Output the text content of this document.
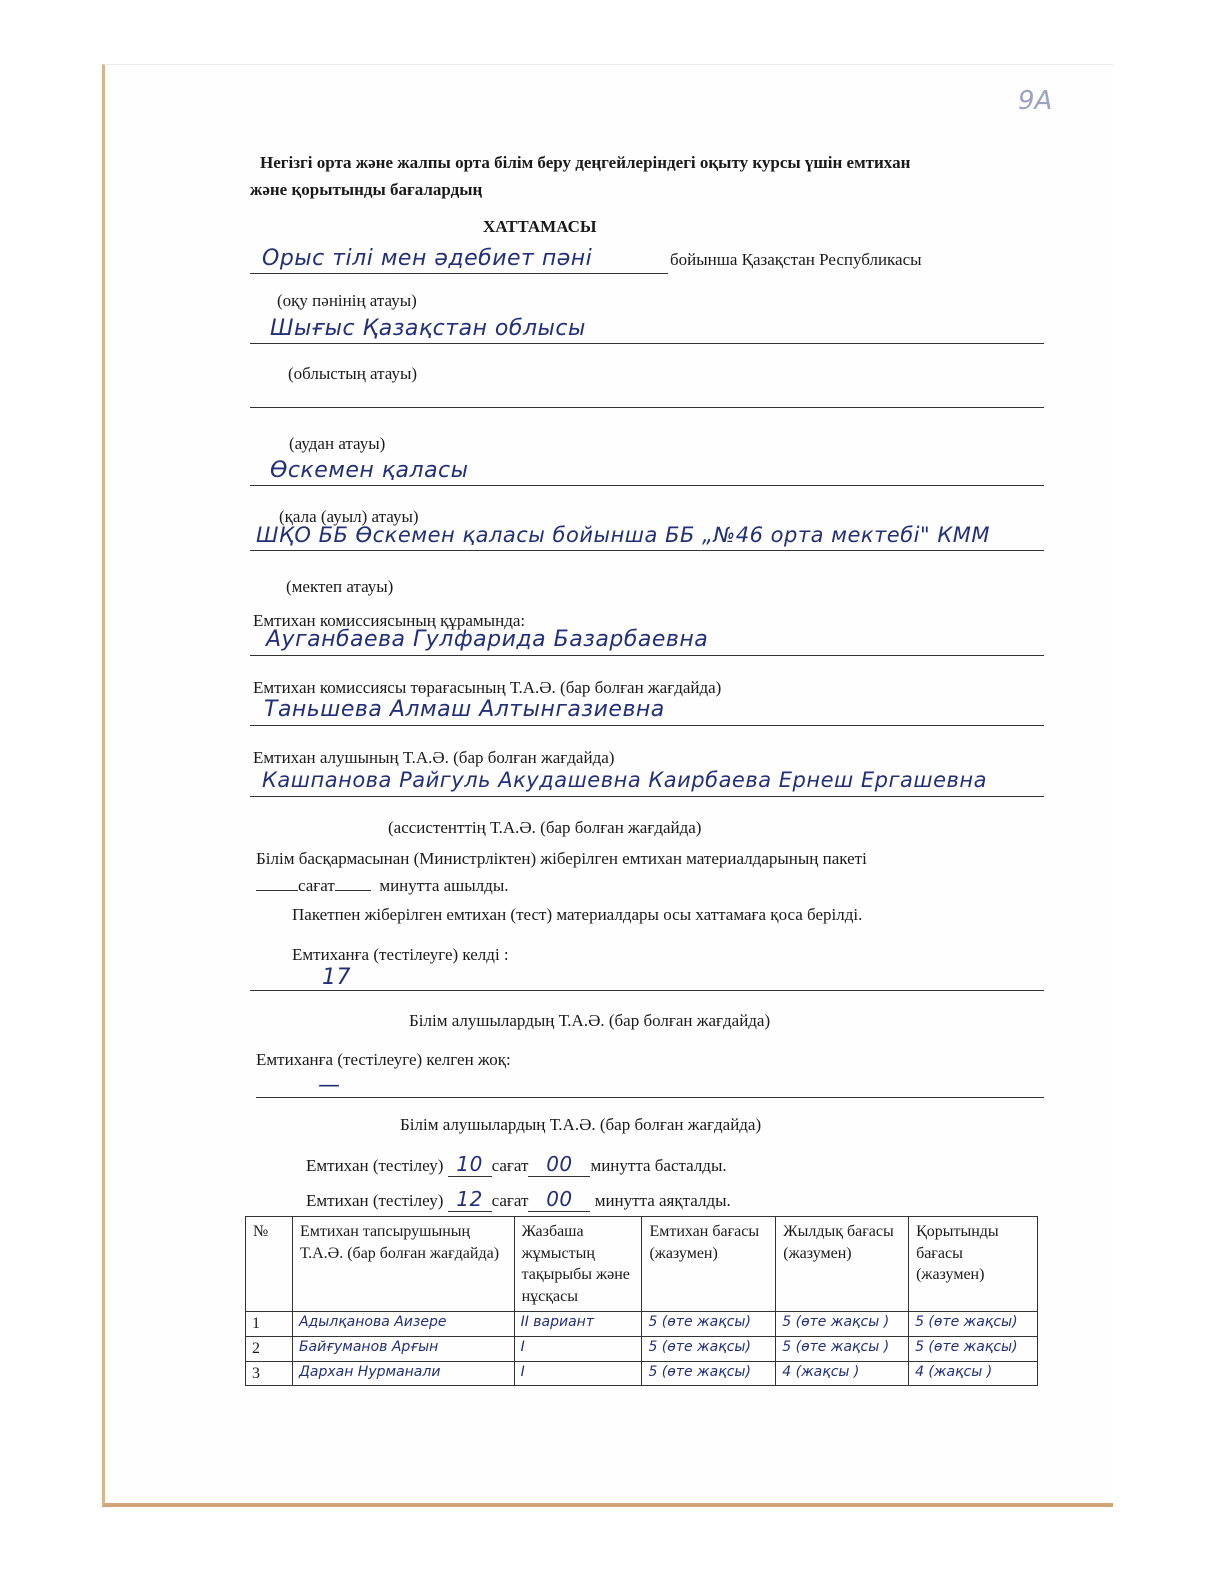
9А
Негізгі орта және жалпы орта білім беру деңгейлеріндегі оқыту курсы үшін емтихан
және қорытынды бағалардың
ХАТТАМАСЫ
Орыс тілі мен әдебиет пәні	бойынша Қазақстан Республикасы
(оқу пәнінің атауы)
Шығыс Қазақстан облысы
(облыстың атауы)
(аудан атауы)
Өскемен қаласы
(қала (ауыл) атауы)
ШҚО ББ Өскемен қаласы бойынша ББ „№46 орта мектебі" КММ
(мектеп атауы)
Емтихан комиссиясының құрамында:
Ауганбаева Гулфарида Базарбаевна
Емтихан комиссиясы төрағасының Т.А.Ә. (бар болған жағдайда)
Таньшева Алмаш Алтынгазиевна
Емтихан алушының Т.А.Ә. (бар болған жағдайда)
Кашпанова Райгуль Акудашевна Каирбаева Ернеш Ергашевна
(ассистенттің Т.А.Ә. (бар болған жағдайда)
Білім басқармасынан (Министрліктен) жіберілген емтихан материалдарының пакеті
сағат	минутта ашылды.
Пакетпен жіберілген емтихан (тест) материалдары осы хаттамаға қоса берілді.
Емтиханға (тестілеуге) келді :
17
Білім алушылардың Т.А.Ә. (бар болған жағдайда)
Емтиханға (тестілеуге) келген жоқ:
—
Білім алушылардың Т.А.Ә. (бар болған жағдайда)
Емтихан (тестілеу) 10 сағат 00 минутта басталды.
Емтихан (тестілеу) 12 сағат 00 минутта аяқталды.
№	Емтихан тапсырушының Т.А.Ә. (бар болған жағдайда)	Жазбаша жұмыстың тақырыбы және нұсқасы	Емтихан бағасы (жазумен)	Жылдық бағасы (жазумен)	Қорытынды бағасы (жазумен)
1	Адылқанова Аизере	II вариант	5 (өте жақсы)	5 (өте жақсы )	5 (өте жақсы)
2	Байғуманов Арғын	I	5 (өте жақсы)	5 (өте жақсы )	5 (өте жақсы)
3	Дархан Нурманали	I	5 (өте жақсы)	4 (жақсы )	4 (жақсы )
